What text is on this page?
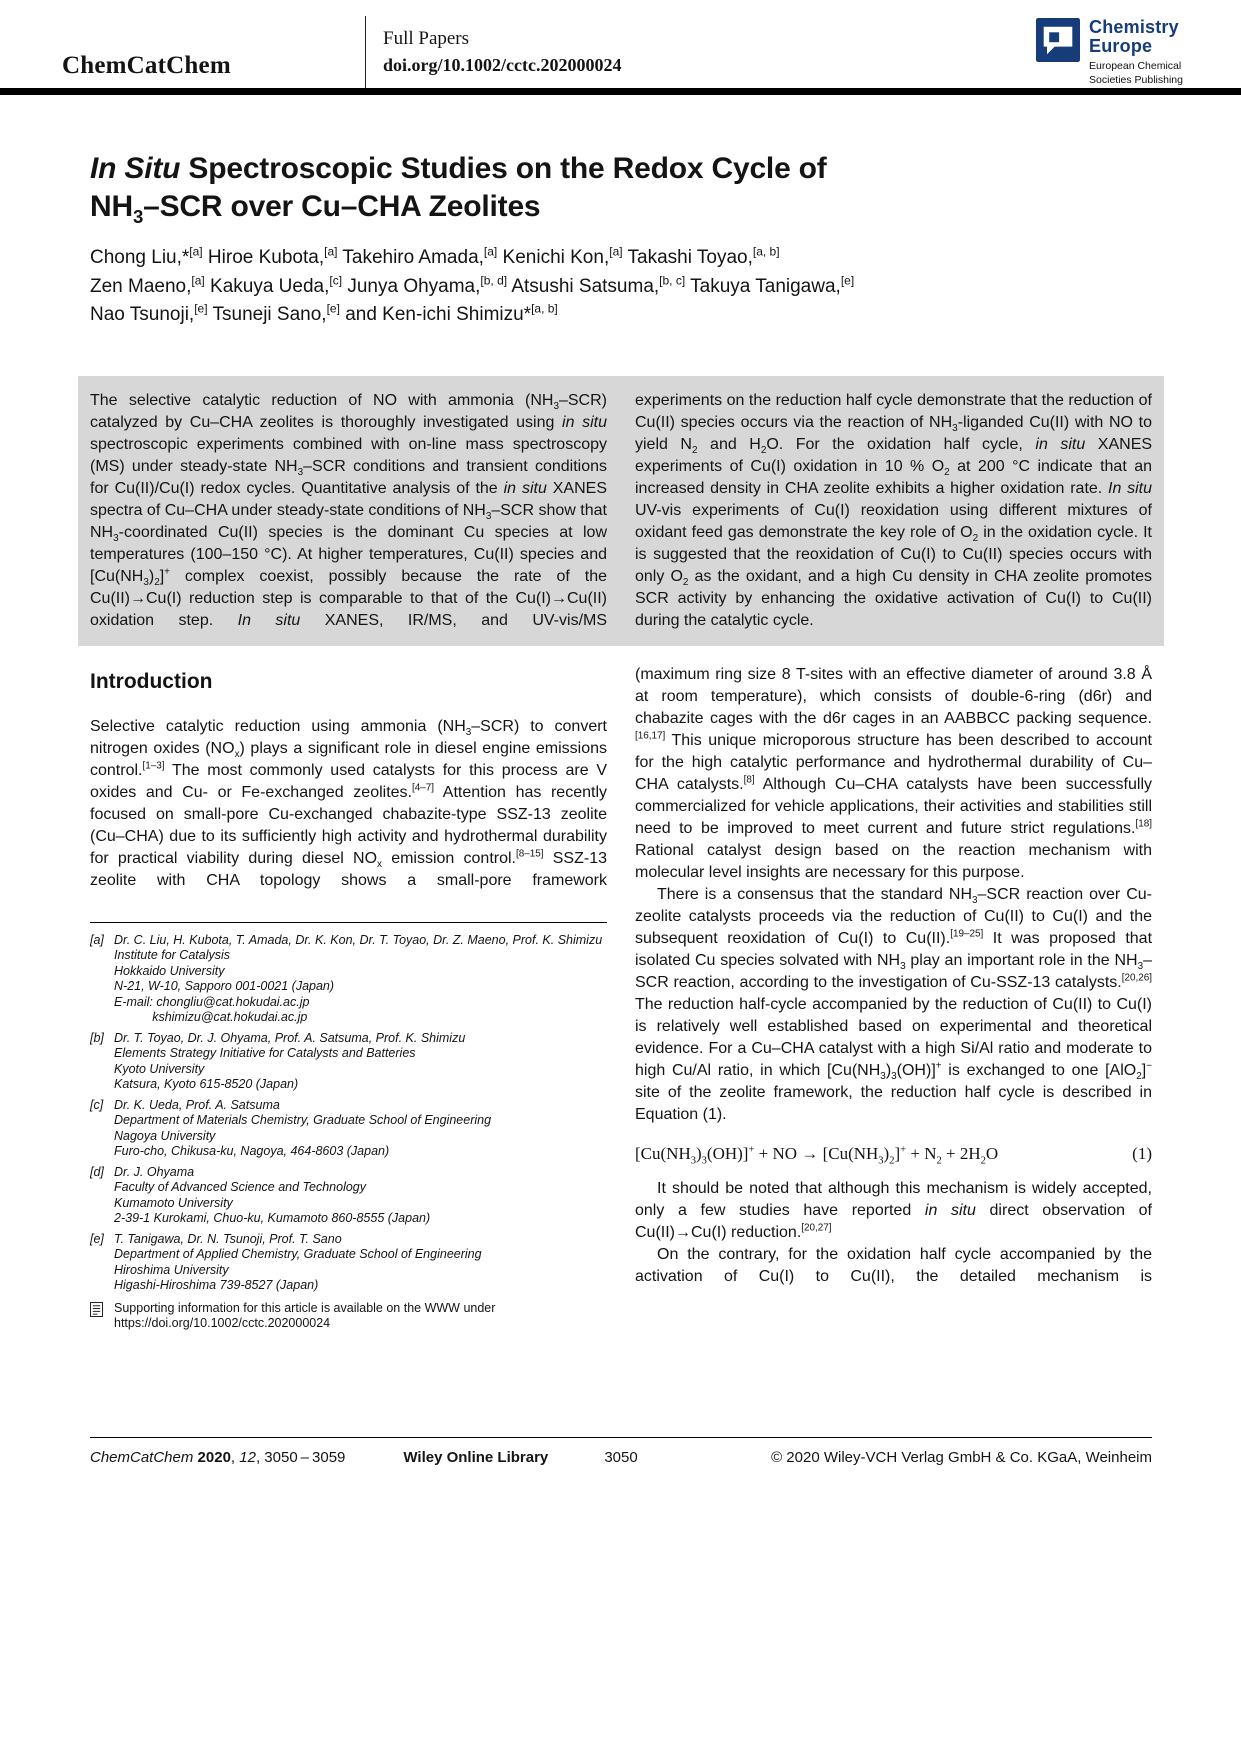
ChemCatChem
Full Papers
doi.org/10.1002/cctc.202000024
Chemistry
Europe
European Chemical
Societies Publishing
In Situ Spectroscopic Studies on the Redox Cycle of
$NH_3$–SCR over Cu–CHA Zeolites

Chong Liu,*[a] Hiroe Kubota,[a] Takehiro Amada,[a] Kenichi Kon,[a] Takashi Toyao,[a, b]
Zen Maeno,[a] Kakuya Ueda,[c] Junya Ohyama,[b, d] Atsushi Satsuma,[b, c] Takuya Tanigawa,[e]
Nao Tsunoji,[e] Tsuneji Sano,[e] and Ken-ichi Shimizu*[a, b]

The selective catalytic reduction of NO with ammonia $(NH_3-SCR)$ catalyzed by Cu–CHA zeolites is thoroughly investigated using in situ spectroscopic experiments combined with on-line mass spectroscopy (MS) under steady-state $NH_3$–SCR conditions and transient conditions for Cu(II)/Cu(I) redox cycles. Quantitative analysis of the in situ XANES spectra of Cu–CHA under steady-state conditions of $NH_3$–SCR show that $NH_3$-coordinated Cu(II) species is the dominant Cu species at low temperatures (100–150 °C). At higher temperatures, Cu(II) species and $[Cu(NH_3)_2]^+$ complex coexist, possibly because the rate of the Cu(II)→Cu(I) reduction step is comparable to that of the Cu(I)→Cu(II) oxidation step. In situ XANES, IR/MS, and UV-vis/MS
experiments on the reduction half cycle demonstrate that the reduction of Cu(II) species occurs via the reaction of $NH_3$-liganded Cu(II) with NO to yield $N_2$ and $H_2O$. For the oxidation half cycle, in situ XANES experiments of Cu(I) oxidation in 10 % $O_2$ at 200 °C indicate that an increased density in CHA zeolite exhibits a higher oxidation rate. In situ UV-vis experiments of Cu(I) reoxidation using different mixtures of oxidant feed gas demonstrate the key role of $O_2$ in the oxidation cycle. It is suggested that the reoxidation of Cu(I) to Cu(II) species occurs with only $O_2$ as the oxidant, and a high Cu density in CHA zeolite promotes SCR activity by enhancing the oxidative activation of Cu(I) to Cu(II) during the catalytic cycle.
Introduction

Selective catalytic reduction using ammonia $(NH_3-SCR)$ to convert nitrogen oxides $(NO_x)$ plays a significant role in diesel engine emissions control.[1–3] The most commonly used catalysts for this process are V oxides and Cu- or Fe-exchanged zeolites.[4–7] Attention has recently focused on small-pore Cu-exchanged chabazite-type SSZ-13 zeolite (Cu–CHA) due to its sufficiently high activity and hydrothermal durability for practical viability during diesel $NO_x$ emission control.[8–15] SSZ-13 zeolite with CHA topology shows a small-pore framework

[a] Dr. C. Liu, H. Kubota, T. Amada, Dr. K. Kon, Dr. T. Toyao, Dr. Z. Maeno, Prof. K. Shimizu
Institute for Catalysis
Hokkaido University
N-21, W-10, Sapporo 001-0021 (Japan)
E-mail: chongliu@cat.hokudai.ac.jp
kshimizu@cat.hokudai.ac.jp
[b] Dr. T. Toyao, Dr. J. Ohyama, Prof. A. Satsuma, Prof. K. Shimizu
Elements Strategy Initiative for Catalysts and Batteries
Kyoto University
Katsura, Kyoto 615-8520 (Japan)
[c] Dr. K. Ueda, Prof. A. Satsuma
Department of Materials Chemistry, Graduate School of Engineering
Nagoya University
Furo-cho, Chikusa-ku, Nagoya, 464-8603 (Japan)
[d] Dr. J. Ohyama
Faculty of Advanced Science and Technology
Kumamoto University
2-39-1 Kurokami, Chuo-ku, Kumamoto 860-8555 (Japan)
[e] T. Tanigawa, Dr. N. Tsunoji, Prof. T. Sano
Department of Applied Chemistry, Graduate School of Engineering
Hiroshima University
Higashi-Hiroshima 739-8527 (Japan)
Supporting information for this article is available on the WWW under https://doi.org/10.1002/cctc.202000024

(maximum ring size 8 T-sites with an effective diameter of around 3.8 Å at room temperature), which consists of double-6-ring (d6r) and chabazite cages with the d6r cages in an AABBCC packing sequence.[16,17] This unique microporous structure has been described to account for the high catalytic performance and hydrothermal durability of Cu–CHA catalysts.[8] Although Cu–CHA catalysts have been successfully commercialized for vehicle applications, their activities and stabilities still need to be improved to meet current and future strict regulations.[18] Rational catalyst design based on the reaction mechanism with molecular level insights are necessary for this purpose.

There is a consensus that the standard $NH_3$–SCR reaction over Cu-zeolite catalysts proceeds via the reduction of Cu(II) to Cu(I) and the subsequent reoxidation of Cu(I) to Cu(II).[19–25] It was proposed that isolated Cu species solvated with $NH_3$ play an important role in the $NH_3$–SCR reaction, according to the investigation of Cu-SSZ-13 catalysts.[20,26] The reduction half-cycle accompanied by the reduction of Cu(II) to Cu(I) is relatively well established based on experimental and theoretical evidence. For a Cu–CHA catalyst with a high Si/Al ratio and moderate to high Cu/Al ratio, in which $[Cu(NH_3)_3(OH)]^+$ is exchanged to one [AlO$_2$]− site of the zeolite framework, the reduction half cycle is described in Equation (1).

$[Cu(NH_3)_3(OH)]^+$ + NO → $[Cu(NH_3)_2]^+ + N_2 + 2H_2O$	(1)

It should be noted that although this mechanism is widely accepted, only a few studies have reported in situ direct observation of Cu(II)→Cu(I) reduction.[20,27]

On the contrary, for the oxidation half cycle accompanied by the activation of Cu(I) to Cu(II), the detailed mechanism is

ChemCatChem 2020, 12, 3050 – 3059	Wiley Online Library	3050	© 2020 Wiley-VCH Verlag GmbH & Co. KGaA, Weinheim
